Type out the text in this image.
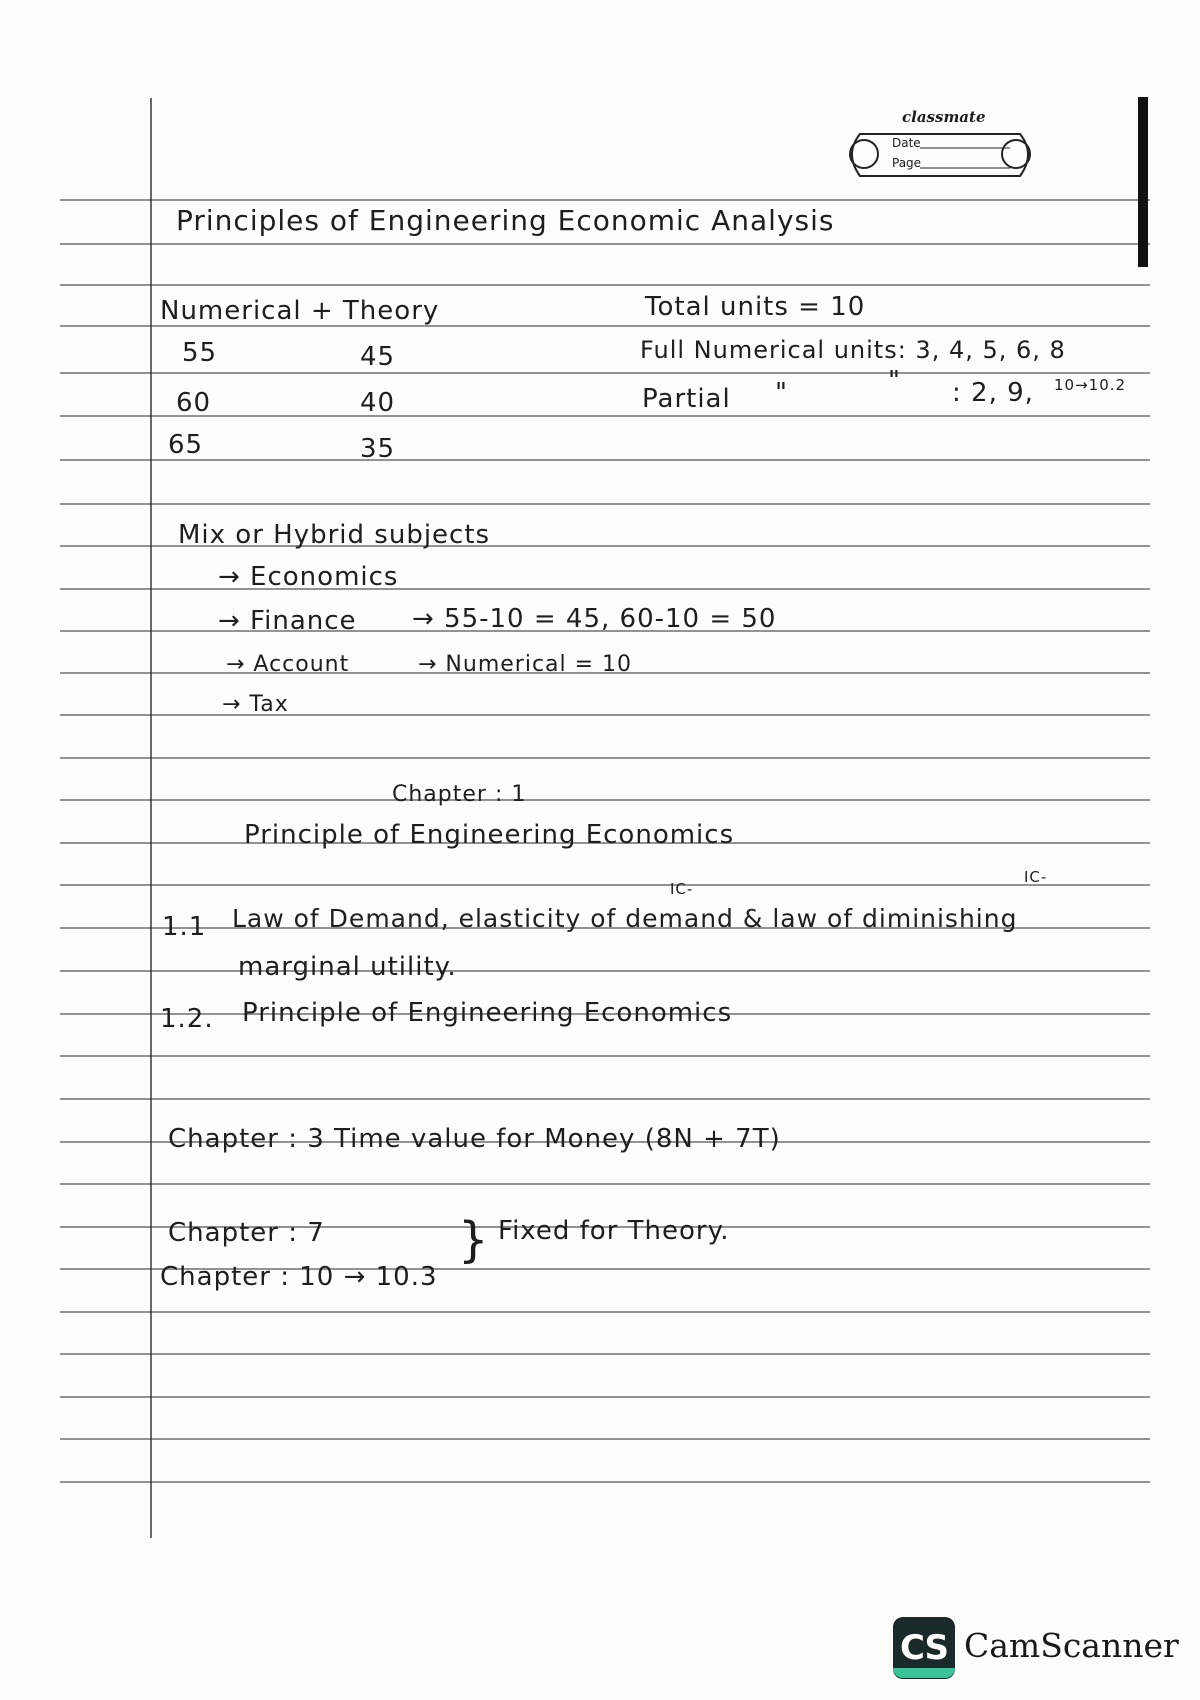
classmate
Date
Page
Principles of Engineering Economic Analysis
Numerical + Theory	Total units = 10
55	45	Full Numerical units: 3, 4, 5, 6, 8
60	40	Partial "	" : 2, 9, 10→10.2
65	35
Mix or Hybrid subjects
→ Economics
→ Finance → 55-10 = 45, 60-10 = 50
→ Account	→ Numerical = 10
→ Tax
Chapter : 1
Principle of Engineering Economics
IC-
IC-
1.1 Law of Demand, elasticity of demand & law of diminishing
marginal utility.
1.2. Principle of Engineering Economics
Chapter : 3 Time value for Money (8N + 7T)
Chapter : 7	} Fixed for Theory.
Chapter : 10 → 10.3
CS CamScanner
